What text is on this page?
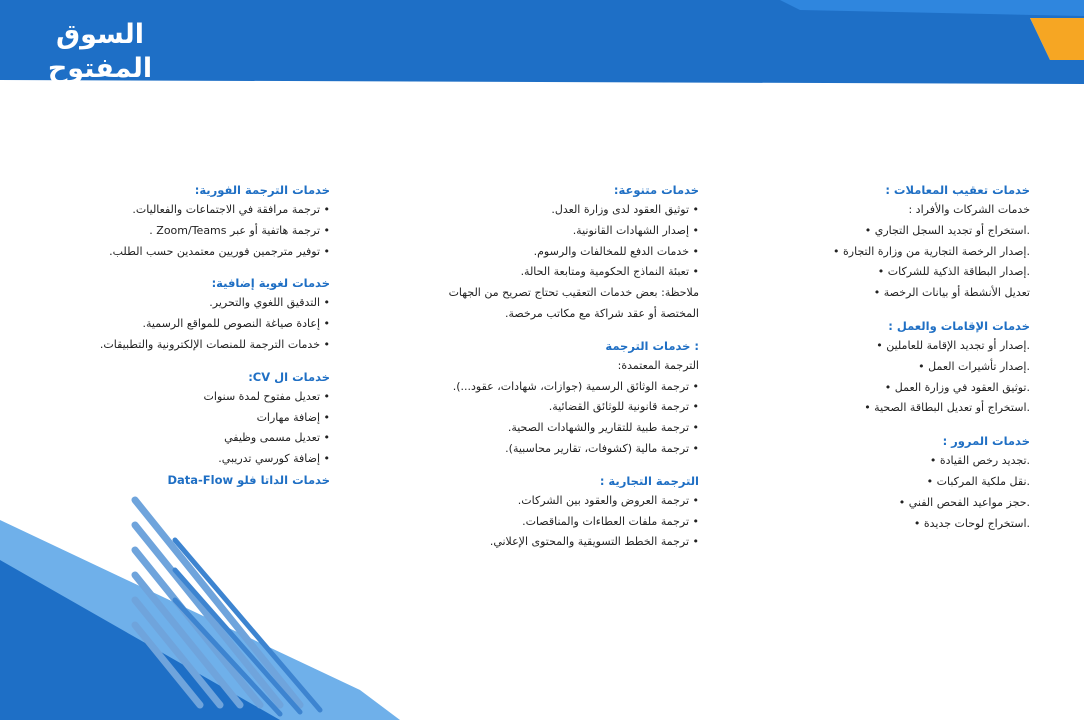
السوق المفتوح
opensooq.com
خدمات تعقيب المعاملات :
خدمات الشركات والأفراد :
.استخراج أو تجديد السجل التجاري •
.إصدار الرخصة التجارية من وزارة التجارة •
.إصدار البطاقة الذكية للشركات •
تعديل الأنشطة أو بيانات الرخصة •
خدمات الإقامات والعمل :
.إصدار أو تجديد الإقامة للعاملين •
.إصدار تأشيرات العمل •
.توثيق العقود في وزارة العمل •
.استخراج أو تعديل البطاقة الصحية •
خدمات المرور :
.تجديد رخص القيادة •
.نقل ملكية المركبات •
.حجز مواعيد الفحص الفني •
.استخراج لوحات جديدة •
خدمات متنوعة:
• توثيق العقود لدى وزارة العدل.
• إصدار الشهادات القانونية.
• خدمات الدفع للمخالفات والرسوم.
• تعبئة النماذج الحكومية ومتابعة الحالة.
ملاحظة: بعض خدمات التعقيب تحتاج تصريح من الجهات
المختصة أو عقد شراكة مع مكاتب مرخصة.
: خدمات الترجمة
الترجمة المعتمدة:
• ترجمة الوثائق الرسمية (جوازات، شهادات، عقود...).
• ترجمة قانونية للوثائق القضائية.
• ترجمة طبية للتقارير والشهادات الصحية.
• ترجمة مالية (كشوفات، تقارير محاسبية).
الترجمة التجارية :
• ترجمة العروض والعقود بين الشركات.
• ترجمة ملفات العطاءات والمناقصات.
• ترجمة الخطط التسويقية والمحتوى الإعلاني.
خدمات الترجمة الفورية:
• ترجمة مرافقة في الاجتماعات والفعاليات.
• ترجمة هاتفية أو عبر Zoom/Teams .
• توفير مترجمين فوريين معتمدين حسب الطلب.
خدمات لغوية إضافية:
• التدقيق اللغوي والتحرير.
• إعادة صياغة النصوص للمواقع الرسمية.
• خدمات الترجمة للمنصات الإلكترونية والتطبيقات.
خدمات ال CV:
• تعديل مفتوح لمدة سنوات
• إضافة مهارات
• تعديل مسمى وظيفي
• إضافة كورسي تدريبي.
خدمات الداتا فلو Data-Flow
